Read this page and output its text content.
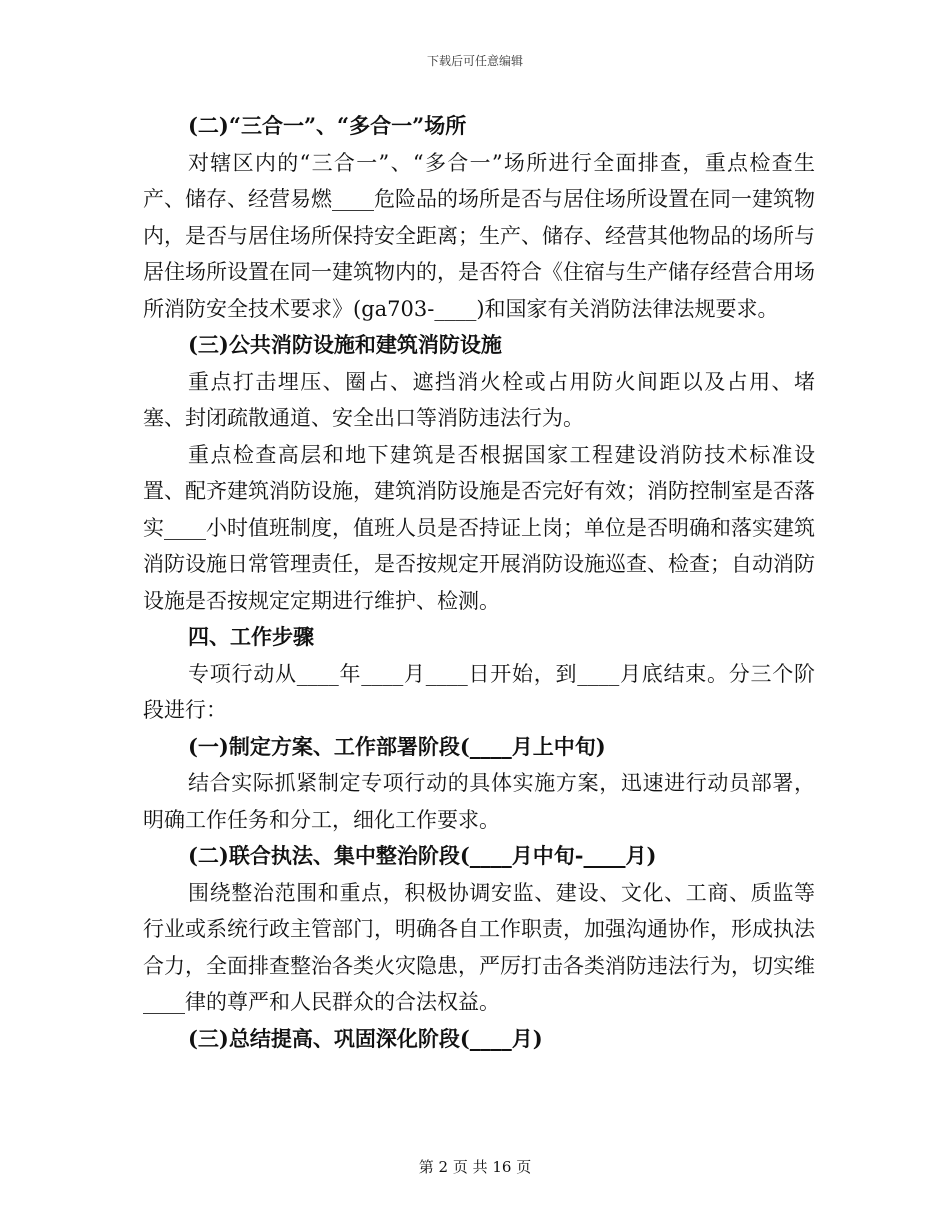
下载后可任意编辑

(二)“三合一”、“多合一”场所

对辖区内的“三合一”、“多合一”场所进行全面排查，重点检查生产、储存、经营易燃____危险品的场所是否与居住场所设置在同一建筑物内，是否与居住场所保持安全距离；生产、储存、经营其他物品的场所与居住场所设置在同一建筑物内的，是否符合《住宿与生产储存经营合用场所消防安全技术要求》(ga703-____)和国家有关消防法律法规要求。

(三)公共消防设施和建筑消防设施

重点打击埋压、圈占、遮挡消火栓或占用防火间距以及占用、堵塞、封闭疏散通道、安全出口等消防违法行为。

重点检查高层和地下建筑是否根据国家工程建设消防技术标准设置、配齐建筑消防设施，建筑消防设施是否完好有效；消防控制室是否落实____小时值班制度，值班人员是否持证上岗；单位是否明确和落实建筑消防设施日常管理责任，是否按规定开展消防设施巡查、检查；自动消防设施是否按规定定期进行维护、检测。

四、工作步骤

专项行动从____年____月____日开始，到____月底结束。分三个阶段进行：

(一)制定方案、工作部署阶段(____月上中旬)

结合实际抓紧制定专项行动的具体实施方案，迅速进行动员部署，明确工作任务和分工，细化工作要求。

(二)联合执法、集中整治阶段(____月中旬-____月)

围绕整治范围和重点，积极协调安监、建设、文化、工商、质监等行业或系统行政主管部门，明确各自工作职责，加强沟通协作，形成执法合力，全面排查整治各类火灾隐患，严厉打击各类消防违法行为，切实维____律的尊严和人民群众的合法权益。

(三)总结提高、巩固深化阶段(____月)

第 2 页 共 16 页
